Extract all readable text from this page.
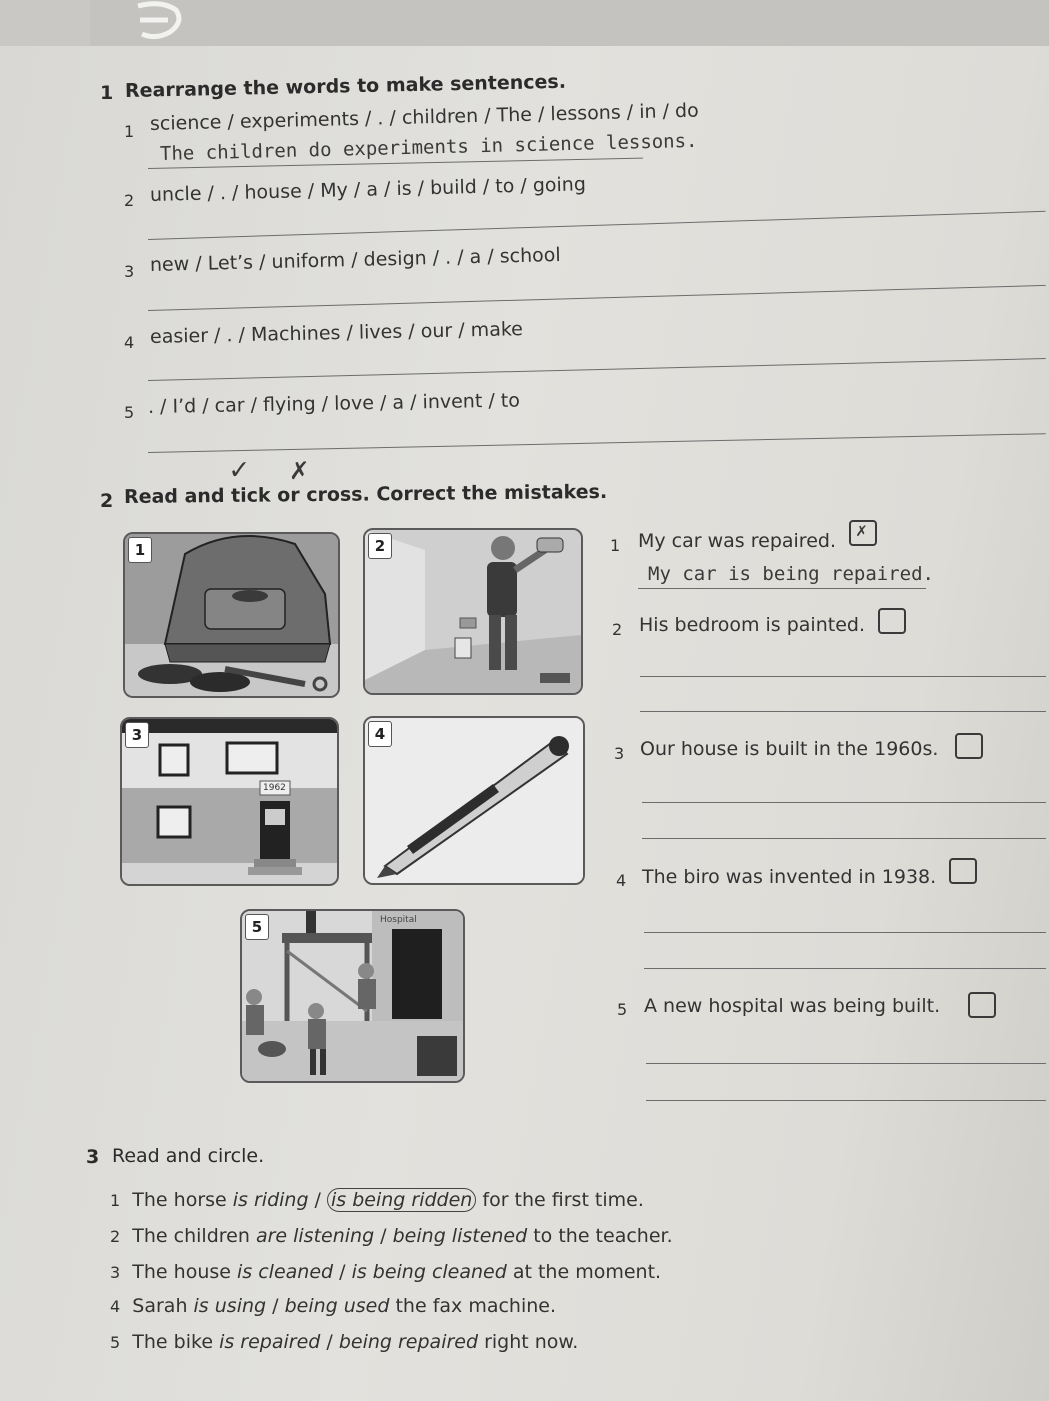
1 Rearrange the words to make sentences.
1 science / experiments / . / children / The / lessons / in / do
The children do experiments in science lessons.
2 uncle / . / house / My / a / is / build / to / going
3 new / Let’s / uniform / design / . / a / school
4 easier / . / Machines / lives / our / make
5 . / I’d / car / flying / love / a / invent / to
✓ ✗
2 Read and tick or cross. Correct the mistakes.
1	2
3
1962
4
5	Hospital
1 My car was repaired. ✗
My car is being repaired.
2 His bedroom is painted.
3 Our house is built in the 1960s.
4 The biro was invented in 1938.
5 A new hospital was being built.
3 Read and circle.
1 The horse is riding / is being ridden for the first time.
2 The children are listening / being listened to the teacher.
3 The house is cleaned / is being cleaned at the moment.
4 Sarah is using / being used the fax machine.
5 The bike is repaired / being repaired right now.
